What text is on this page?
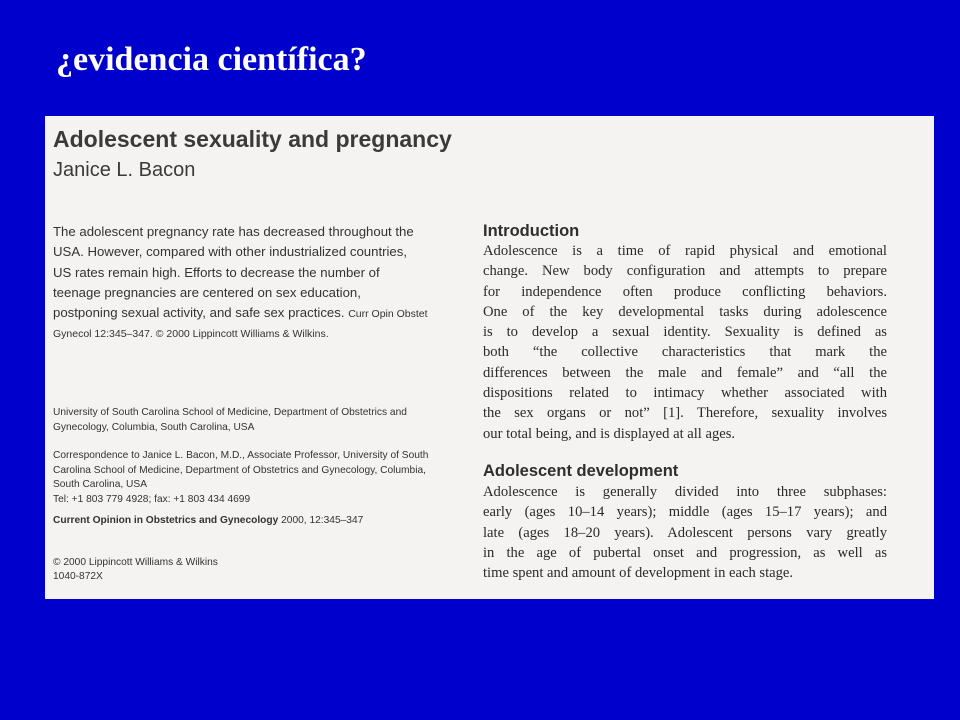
¿evidencia científica?
Adolescent sexuality and pregnancy

Janice L. Bacon

The adolescent pregnancy rate has decreased throughout the
USA. However, compared with other industrialized countries,
US rates remain high. Efforts to decrease the number of
teenage pregnancies are centered on sex education,
postponing sexual activity, and safe sex practices. Curr Opin Obstet
Gynecol 12:345–347. © 2000 Lippincott Williams & Wilkins.

University of South Carolina School of Medicine, Department of Obstetrics and
Gynecology, Columbia, South Carolina, USA

Correspondence to Janice L. Bacon, M.D., Associate Professor, University of South
Carolina School of Medicine, Department of Obstetrics and Gynecology, Columbia,
South Carolina, USA
Tel: +1 803 779 4928; fax: +1 803 434 4699

Current Opinion in Obstetrics and Gynecology 2000, 12:345–347

© 2000 Lippincott Williams & Wilkins
1040-872X

Introduction

Adolescence is a time of rapid physical and emotional
change. New body configuration and attempts to prepare
for independence often produce conflicting behaviors.
One of the key developmental tasks during adolescence
is to develop a sexual identity. Sexuality is defined as
both “the collective characteristics that mark the
differences between the male and female” and “all the
dispositions related to intimacy whether associated with
the sex organs or not” [1]. Therefore, sexuality involves
our total being, and is displayed at all ages.

Adolescent development

Adolescence is generally divided into three subphases:
early (ages 10–14 years); middle (ages 15–17 years); and
late (ages 18–20 years). Adolescent persons vary greatly
in the age of pubertal onset and progression, as well as
time spent and amount of development in each stage.
